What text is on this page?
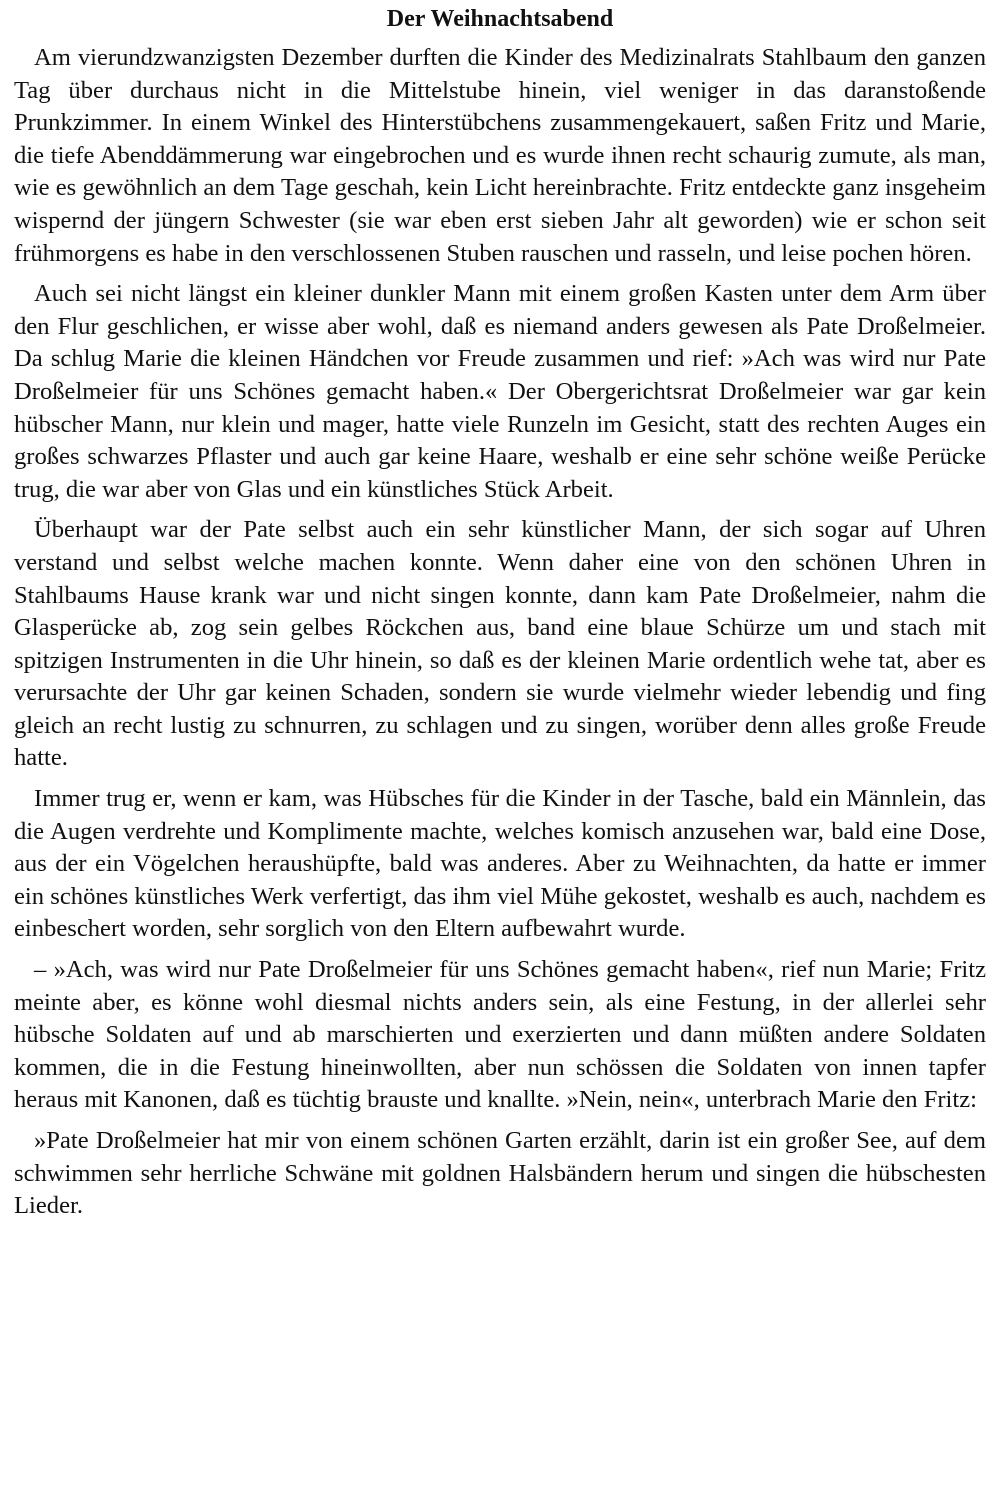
Der Weihnachtsabend

Am vierundzwanzigsten Dezember durften die Kinder des Medizinalrats Stahlbaum den ganzen Tag über durchaus nicht in die Mittelstube hinein, viel weniger in das daranstoßende Prunkzimmer. In einem Winkel des Hinterstübchens zusammengekauert, saßen Fritz und Marie, die tiefe Abenddämmerung war eingebrochen und es wurde ihnen recht schaurig zumute, als man, wie es gewöhnlich an dem Tage geschah, kein Licht hereinbrachte. Fritz entdeckte ganz insgeheim wispernd der jüngern Schwester (sie war eben erst sieben Jahr alt geworden) wie er schon seit frühmorgens es habe in den verschlossenen Stuben rauschen und rasseln, und leise pochen hören.

Auch sei nicht längst ein kleiner dunkler Mann mit einem großen Kasten unter dem Arm über den Flur geschlichen, er wisse aber wohl, daß es niemand anders gewesen als Pate Droßelmeier. Da schlug Marie die kleinen Händchen vor Freude zusammen und rief: »Ach was wird nur Pate Droßelmeier für uns Schönes gemacht haben.« Der Obergerichtsrat Droßelmeier war gar kein hübscher Mann, nur klein und mager, hatte viele Runzeln im Gesicht, statt des rechten Auges ein großes schwarzes Pflaster und auch gar keine Haare, weshalb er eine sehr schöne weiße Perücke trug, die war aber von Glas und ein künstliches Stück Arbeit.

Überhaupt war der Pate selbst auch ein sehr künstlicher Mann, der sich sogar auf Uhren verstand und selbst welche machen konnte. Wenn daher eine von den schönen Uhren in Stahlbaums Hause krank war und nicht singen konnte, dann kam Pate Droßelmeier, nahm die Glasperücke ab, zog sein gelbes Röckchen aus, band eine blaue Schürze um und stach mit spitzigen Instrumenten in die Uhr hinein, so daß es der kleinen Marie ordentlich wehe tat, aber es verursachte der Uhr gar keinen Schaden, sondern sie wurde vielmehr wieder lebendig und fing gleich an recht lustig zu schnurren, zu schlagen und zu singen, worüber denn alles große Freude hatte.

Immer trug er, wenn er kam, was Hübsches für die Kinder in der Tasche, bald ein Männlein, das die Augen verdrehte und Komplimente machte, welches komisch anzusehen war, bald eine Dose, aus der ein Vögelchen heraushüpfte, bald was anderes. Aber zu Weihnachten, da hatte er immer ein schönes künstliches Werk verfertigt, das ihm viel Mühe gekostet, weshalb es auch, nachdem es einbeschert worden, sehr sorglich von den Eltern aufbewahrt wurde.

– »Ach, was wird nur Pate Droßelmeier für uns Schönes gemacht haben«, rief nun Marie; Fritz meinte aber, es könne wohl diesmal nichts anders sein, als eine Festung, in der allerlei sehr hübsche Soldaten auf und ab marschierten und exerzierten und dann müßten andere Soldaten kommen, die in die Festung hineinwollten, aber nun schössen die Soldaten von innen tapfer heraus mit Kanonen, daß es tüchtig brauste und knallte. »Nein, nein«, unterbrach Marie den Fritz:

»Pate Droßelmeier hat mir von einem schönen Garten erzählt, darin ist ein großer See, auf dem schwimmen sehr herrliche Schwäne mit goldnen Halsbändern herum und singen die hübschesten Lieder.
